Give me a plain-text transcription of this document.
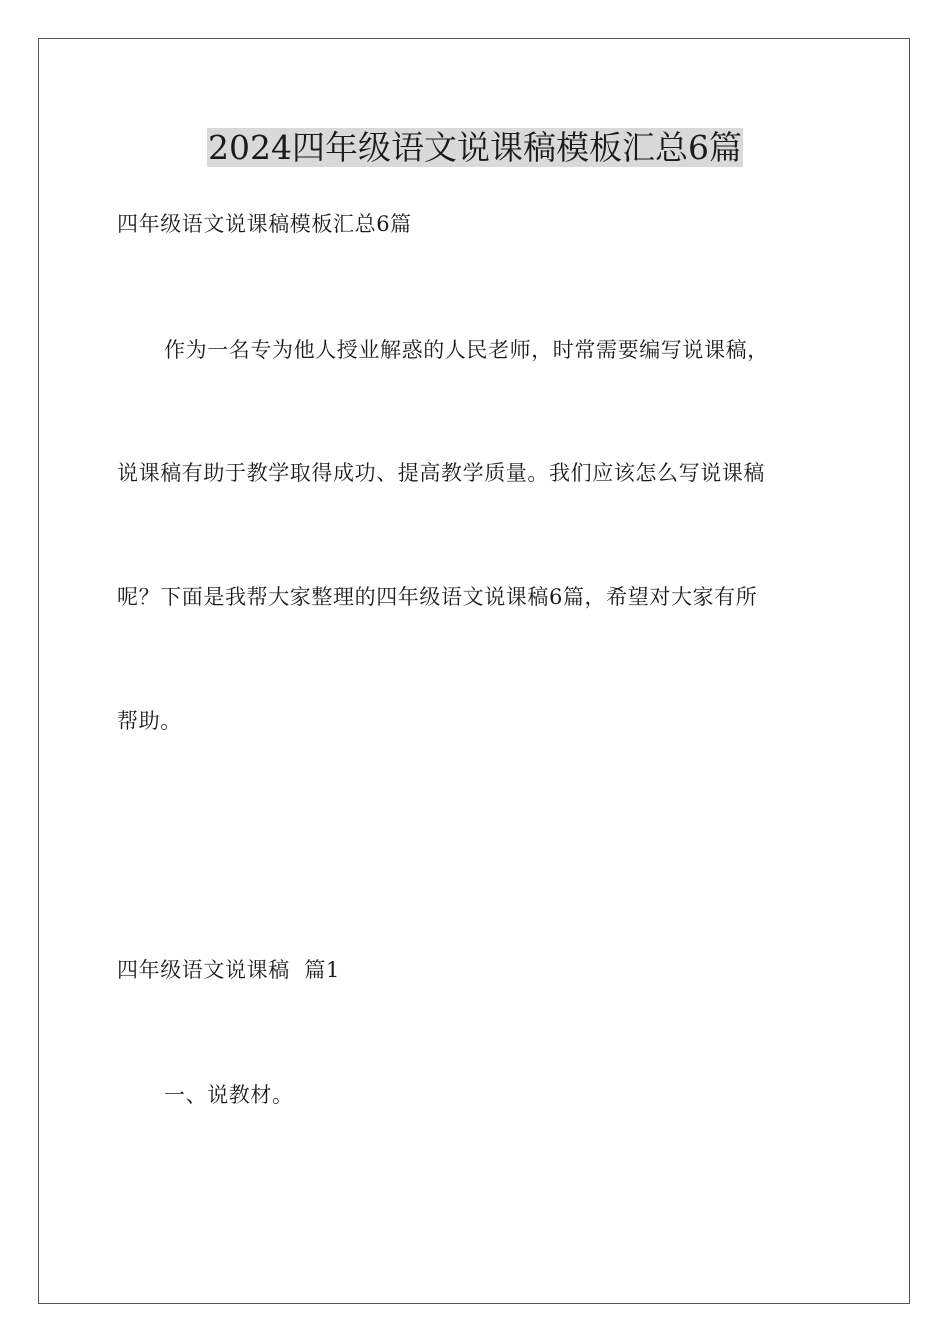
2024四年级语文说课稿模板汇总6篇

四年级语文说课稿模板汇总6篇

作为一名专为他人授业解惑的人民老师，时常需要编写说课稿，

说课稿有助于教学取得成功、提高教学质量。我们应该怎么写说课稿

呢？下面是我帮大家整理的四年级语文说课稿6篇，希望对大家有所

帮助。

四年级语文说课稿  篇1

一、说教材。
